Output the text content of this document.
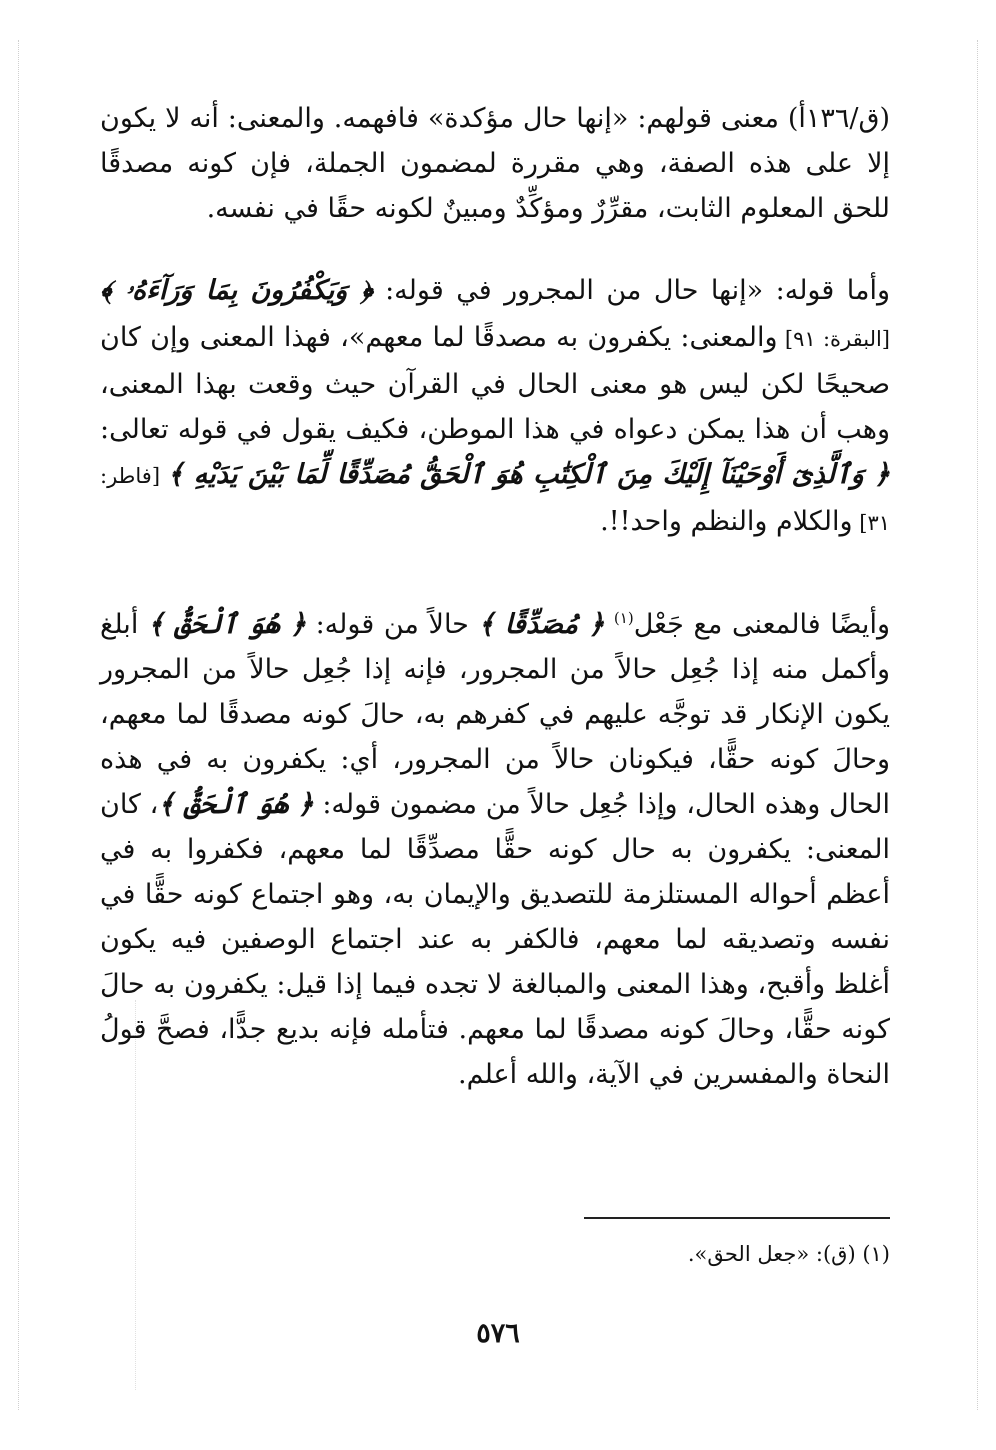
(ق/١٣٦أ) معنى قولهم: «إنها حال مؤكدة» فافهمه. والمعنى: أنه لا يكون إلا على هذه الصفة، وهي مقررة لمضمون الجملة، فإن كونه مصدقًا للحق المعلوم الثابت، مقرِّرٌ ومؤكِّدٌ ومبينٌ لكونه حقًا في نفسه.
وأما قوله: «إنها حال من المجرور في قوله: ﴿ وَيَكْفُرُونَ بِمَا وَرَآءَهُۥ ﴾ [البقرة: ٩١] والمعنى: يكفرون به مصدقًا لما معهم»، فهذا المعنى وإن كان صحيحًا لكن ليس هو معنى الحال في القرآن حيث وقعت بهذا المعنى، وهب أن هذا يمكن دعواه في هذا الموطن، فكيف يقول في قوله تعالى: ﴿ وَٱلَّذِىٓ أَوْحَيْنَآ إِلَيْكَ مِنَ ٱلْكِتَٰبِ هُوَ ٱلْحَقُّ مُصَدِّقًا لِّمَا بَيْنَ يَدَيْهِ ﴾ [فاطر: ٣١] والكلام والنظم واحد!!.
وأيضًا فالمعنى مع جَعْل$^{(١)}$ ﴿ مُصَدِّقًا ﴾ حالاً من قوله: ﴿ هُوَ ٱلْحَقُّ ﴾ أبلغ وأكمل منه إذا جُعِل حالاً من المجرور، فإنه إذا جُعِل حالاً من المجرور يكون الإنكار قد توجَّه عليهم في كفرهم به، حالَ كونه مصدقًا لما معهم، وحالَ كونه حقًّا، فيكونان حالاً من المجرور، أي: يكفرون به في هذه الحال وهذه الحال، وإذا جُعِل حالاً من مضمون قوله: ﴿ هُوَ ٱلْحَقُّ ﴾، كان المعنى: يكفرون به حال كونه حقًّا مصدِّقًا لما معهم، فكفروا به في أعظم أحواله المستلزمة للتصديق والإيمان به، وهو اجتماع كونه حقًّا في نفسه وتصديقه لما معهم، فالكفر به عند اجتماع الوصفين فيه يكون أغلظ وأقبح، وهذا المعنى والمبالغة لا تجده فيما إذا قيل: يكفرون به حالَ كونه حقًّا، وحالَ كونه مصدقًا لما معهم. فتأمله فإنه بديع جدًّا، فصحَّ قولُ النحاة والمفسرين في الآية، والله أعلم.
(١) (ق): «جعل الحق».
٥٧٦
